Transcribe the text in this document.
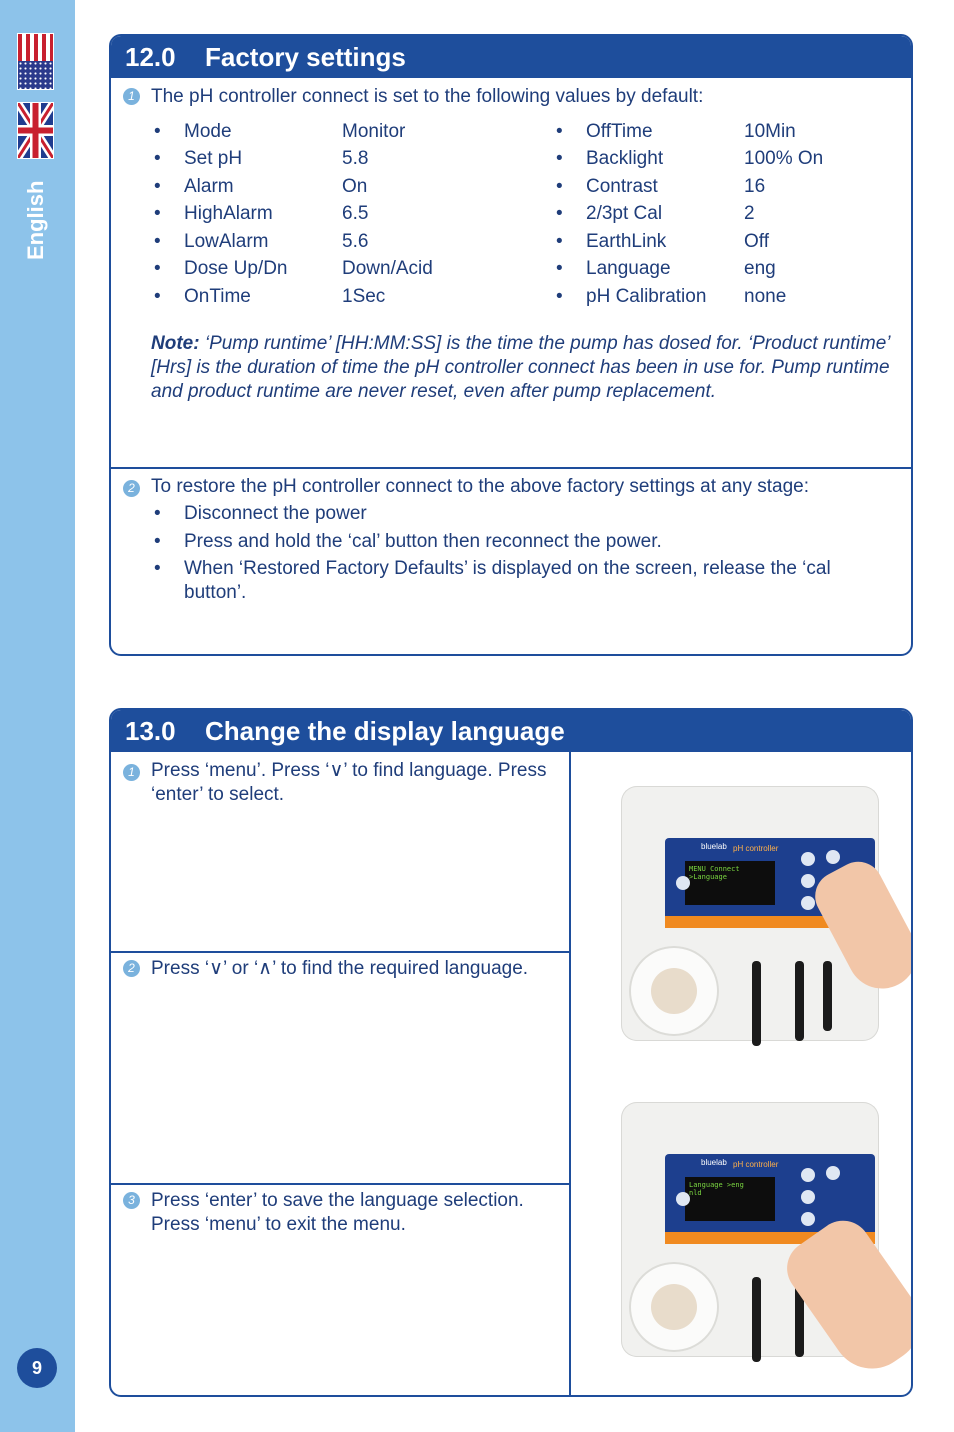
English
9
12.0 Factory settings
1 The pH controller connect is set to the following values by default:
• Mode	Monitor
• Set pH	5.8
• Alarm	On
• HighAlarm	6.5
• LowAlarm	5.6
• Dose Up/Dn	Down/Acid
• OnTime	1Sec
• OffTime	10Min
• Backlight	100% On
• Contrast	16
• 2/3pt Cal	2
• EarthLink	Off
• Language	eng
• pH Calibration none
Note: ‘Pump runtime’ [HH:MM:SS] is the time the pump has dosed for. ‘Product runtime’ [Hrs] is the duration of time the pH controller connect has been in use for. Pump runtime and product runtime are never reset, even after pump replacement.
2 To restore the pH controller connect to the above factory settings at any stage:
• Disconnect the power
• Press and hold the ‘cal’ button then reconnect the power.
• When ‘Restored Factory Defaults’ is displayed on the screen, release the ‘cal button’.
13.0 Change the display language
1 Press ‘menu’. Press ‘∨’ to find language. Press ‘enter’ to select.
2 Press ‘∨’ or ‘∧’ to find the required language.
3 Press ‘enter’ to save the language selection. Press ‘menu’ to exit the menu.
bluelab pH controller
MENU Connect
>Language
bluelab pH controller
Language >eng
nld
